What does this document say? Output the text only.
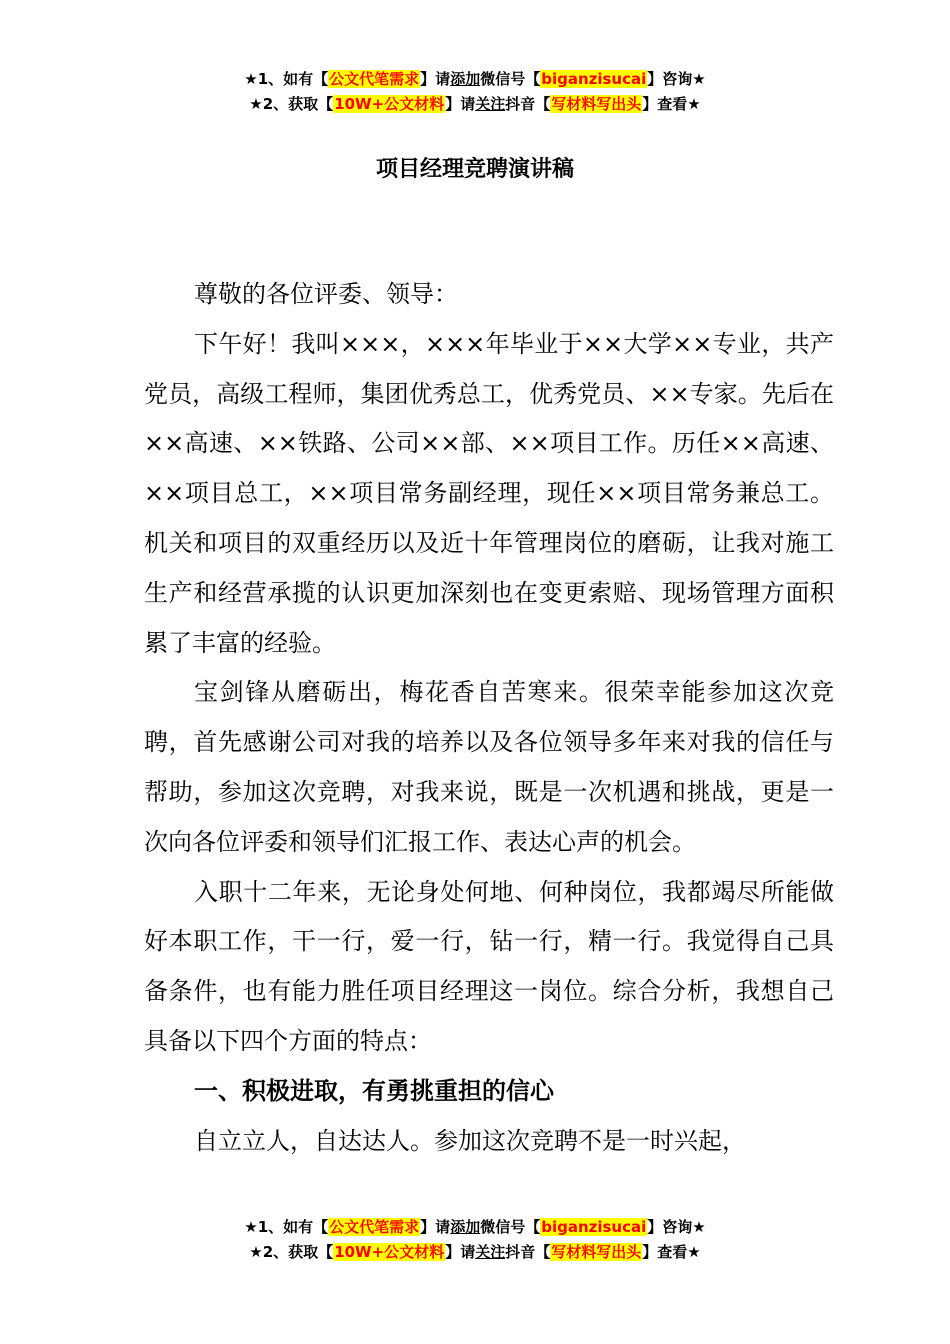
★1、如有【公文代笔需求】请添加微信号【biganzisucai】咨询★
★2、获取【10W+公文材料】请关注抖音【写材料写出头】查看★
项目经理竞聘演讲稿

尊敬的各位评委、领导：

下午好！我叫×××，×××年毕业于××大学××专业，共产党员，高级工程师，集团优秀总工，优秀党员、××专家。先后在××高速、××铁路、公司××部、××项目工作。历任××高速、××项目总工，××项目常务副经理，现任××项目常务兼总工。机关和项目的双重经历以及近十年管理岗位的磨砺，让我对施工生产和经营承揽的认识更加深刻也在变更索赔、现场管理方面积累了丰富的经验。

宝剑锋从磨砺出，梅花香自苦寒来。很荣幸能参加这次竞聘，首先感谢公司对我的培养以及各位领导多年来对我的信任与帮助，参加这次竞聘，对我来说，既是一次机遇和挑战，更是一次向各位评委和领导们汇报工作、表达心声的机会。

入职十二年来，无论身处何地、何种岗位，我都竭尽所能做好本职工作，干一行，爱一行，钻一行，精一行。我觉得自己具备条件，也有能力胜任项目经理这一岗位。综合分析，我想自己具备以下四个方面的特点：

一、积极进取，有勇挑重担的信心

自立立人，自达达人。参加这次竞聘不是一时兴起，

★1、如有【公文代笔需求】请添加微信号【biganzisucai】咨询★
★2、获取【10W+公文材料】请关注抖音【写材料写出头】查看★
